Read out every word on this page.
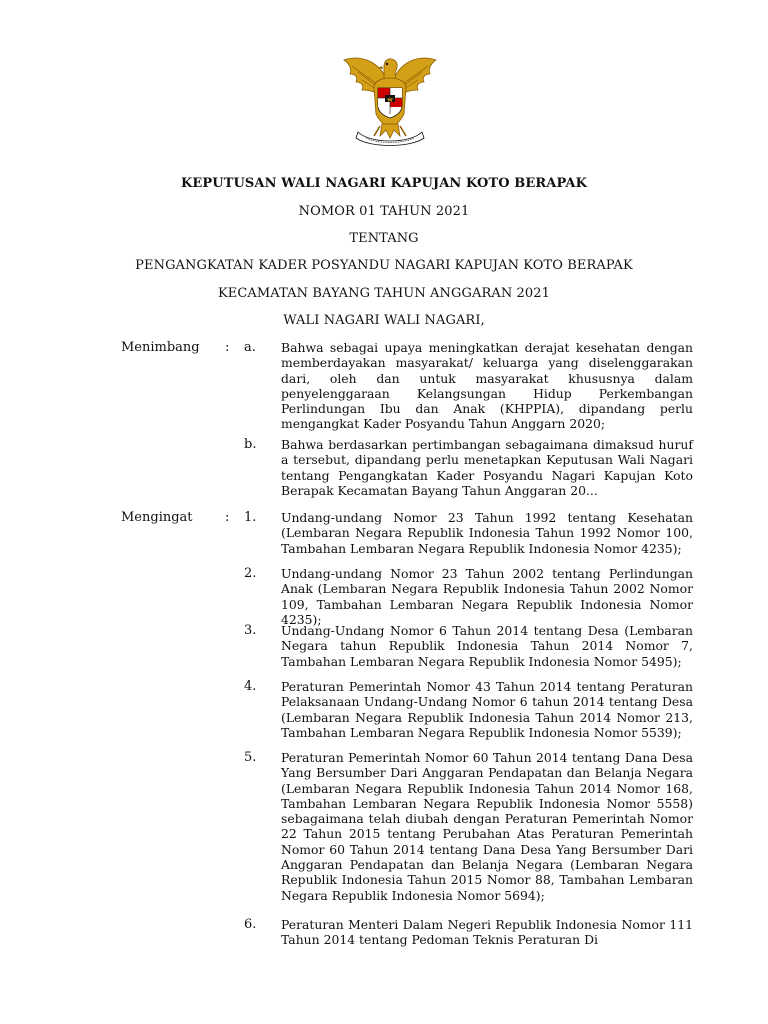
KEPUTUSAN WALI NAGARI KAPUJAN KOTO BERAPAK
NOMOR 01 TAHUN 2021
TENTANG
PENGANGKATAN KADER POSYANDU NAGARI KAPUJAN KOTO BERAPAK
KECAMATAN BAYANG TAHUN ANGGARAN 2021
WALI NAGARI WALI NAGARI,
Menimbang : a. Bahwa sebagai upaya meningkatkan derajat kesehatan dengan memberdayakan masyarakat/ keluarga yang diselenggarakan dari, oleh dan untuk masyarakat khususnya dalam penyelenggaraan Kelangsungan Hidup Perkembangan Perlindungan Ibu dan Anak (KHPPIA), dipandang perlu mengangkat Kader Posyandu Tahun Anggarn 2020;
b. Bahwa berdasarkan pertimbangan sebagaimana dimaksud huruf a tersebut, dipandang perlu menetapkan Keputusan Wali Nagari tentang Pengangkatan Kader Posyandu Nagari Kapujan Koto Berapak Kecamatan Bayang Tahun Anggaran 20...
Mengingat : 1. Undang-undang Nomor 23 Tahun 1992 tentang Kesehatan (Lembaran Negara Republik Indonesia Tahun 1992 Nomor 100, Tambahan Lembaran Negara Republik Indonesia Nomor 4235);
2. Undang-undang Nomor 23 Tahun 2002 tentang Perlindungan Anak (Lembaran Negara Republik Indonesia Tahun 2002 Nomor 109, Tambahan Lembaran Negara Republik Indonesia Nomor 4235);
3. Undang-Undang Nomor 6 Tahun 2014 tentang Desa (Lembaran Negara tahun Republik Indonesia Tahun 2014 Nomor 7, Tambahan Lembaran Negara Republik Indonesia Nomor 5495);
4. Peraturan Pemerintah Nomor 43 Tahun 2014 tentang Peraturan Pelaksanaan Undang-Undang Nomor 6 tahun 2014 tentang Desa (Lembaran Negara Republik Indonesia Tahun 2014 Nomor 213, Tambahan Lembaran Negara Republik Indonesia Nomor 5539);
5. Peraturan Pemerintah Nomor 60 Tahun 2014 tentang Dana Desa Yang Bersumber Dari Anggaran Pendapatan dan Belanja Negara (Lembaran Negara Republik Indonesia Tahun 2014 Nomor 168, Tambahan Lembaran Negara Republik Indonesia Nomor 5558) sebagaimana telah diubah dengan Peraturan Pemerintah Nomor 22 Tahun 2015 tentang Perubahan Atas Peraturan Pemerintah Nomor 60 Tahun 2014 tentang Dana Desa Yang Bersumber Dari Anggaran Pendapatan dan Belanja Negara (Lembaran Negara Republik Indonesia Tahun 2015 Nomor 88, Tambahan Lembaran Negara Republik Indonesia Nomor 5694);
6. Peraturan Menteri Dalam Negeri Republik Indonesia Nomor 111 Tahun 2014 tentang Pedoman Teknis Peraturan Di
